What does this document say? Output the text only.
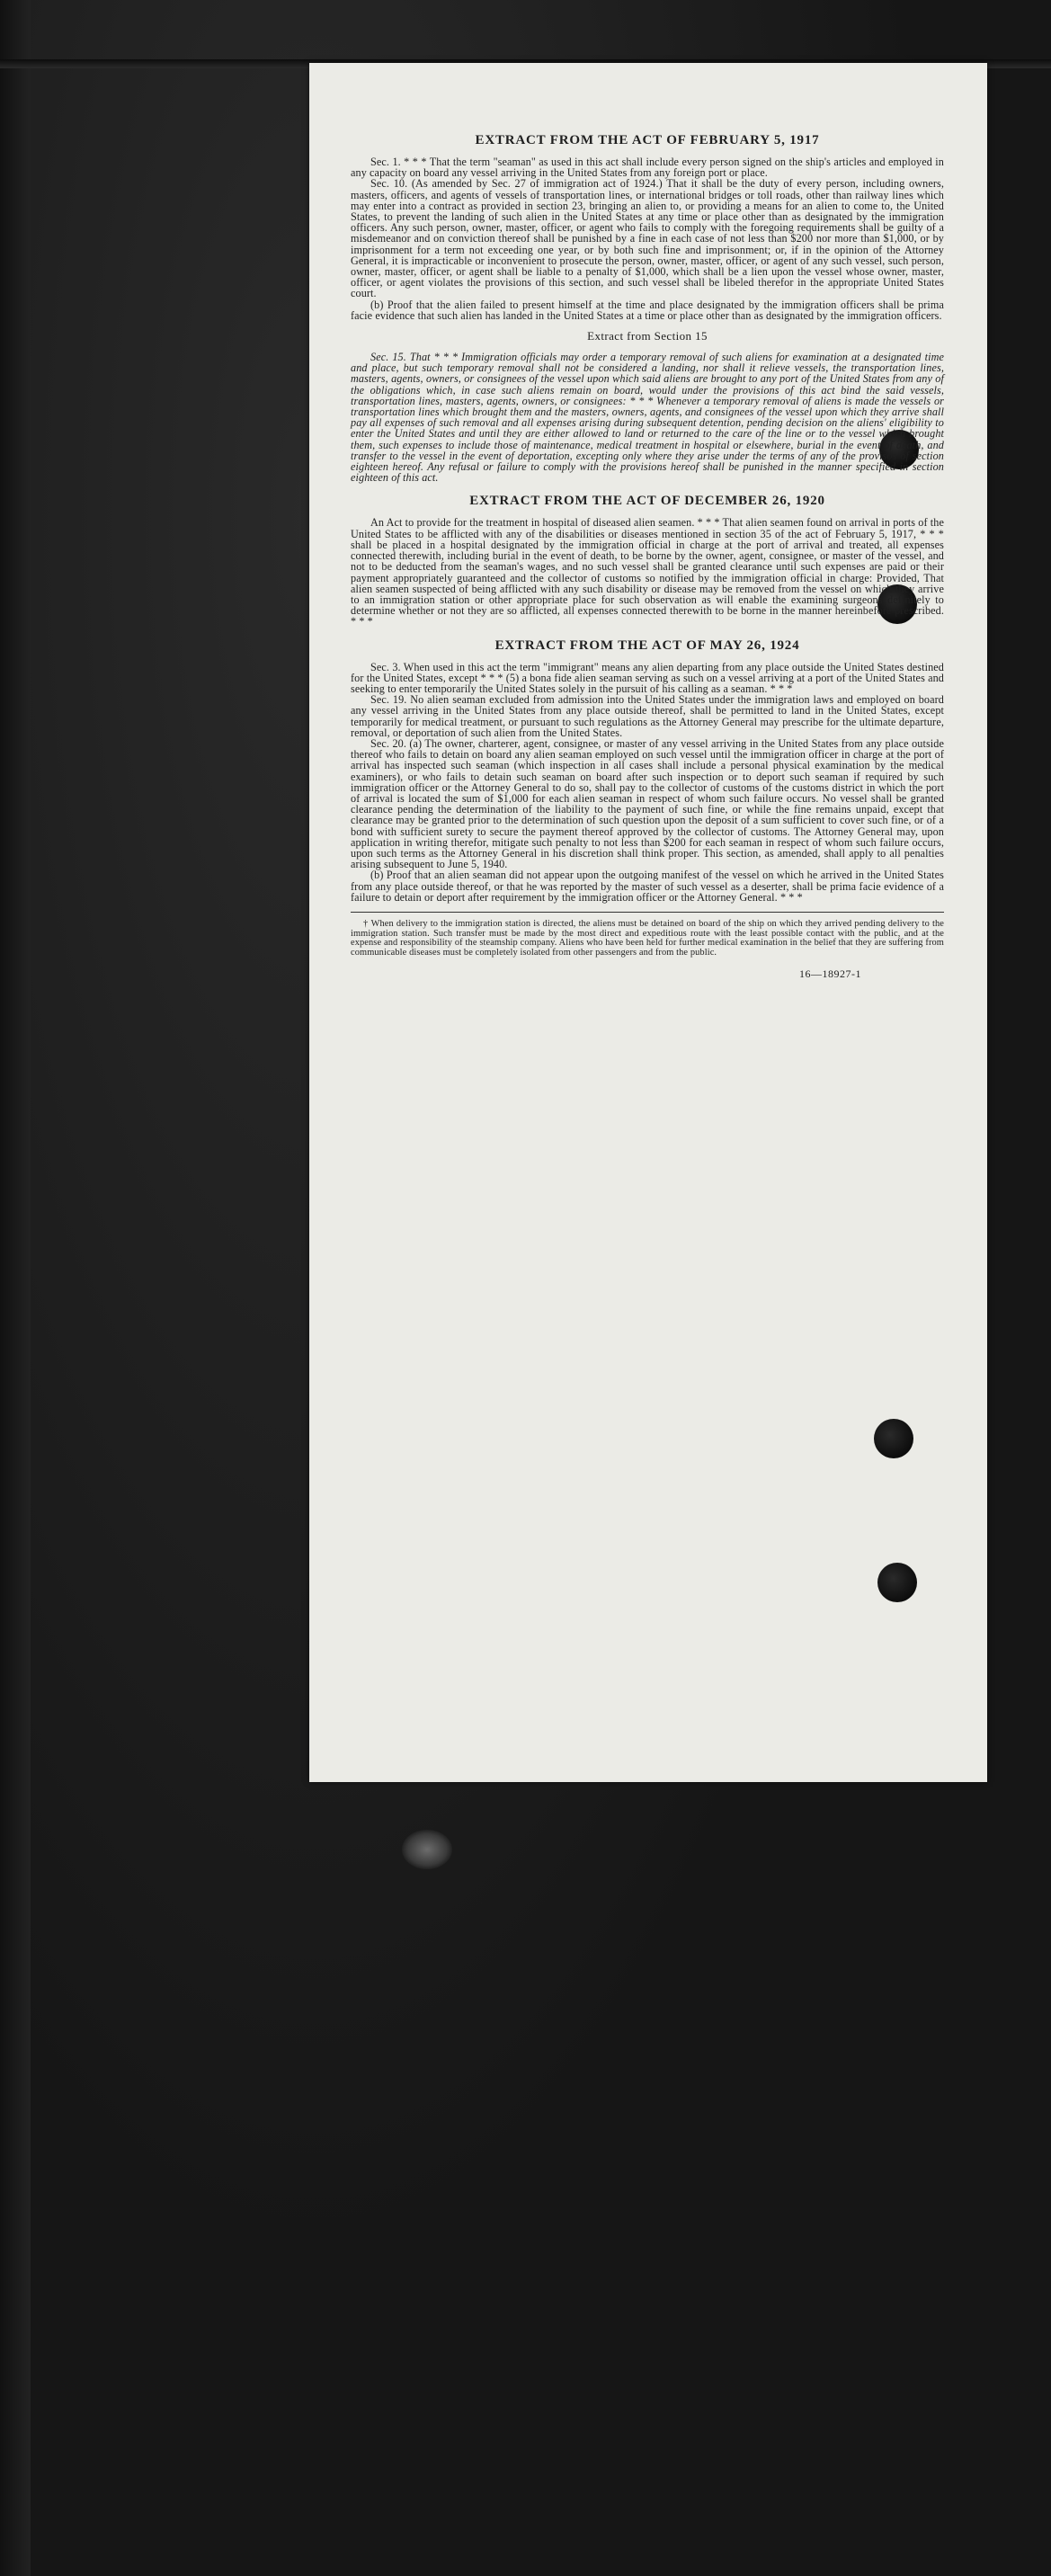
EXTRACT FROM THE ACT OF FEBRUARY 5, 1917

Sec. 1. * * * That the term "seaman" as used in this act shall include every person signed on the ship's articles and employed in any capacity on board any vessel arriving in the United States from any foreign port or place.

Sec. 10. (As amended by Sec. 27 of immigration act of 1924.) That it shall be the duty of every person, including owners, masters, officers, and agents of vessels of transportation lines, or international bridges or toll roads, other than railway lines which may enter into a contract as provided in section 23, bringing an alien to, or providing a means for an alien to come to, the United States, to prevent the landing of such alien in the United States at any time or place other than as designated by the immigration officers. Any such person, owner, master, officer, or agent who fails to comply with the foregoing requirements shall be guilty of a misdemeanor and on conviction thereof shall be punished by a fine in each case of not less than $200 nor more than $1,000, or by imprisonment for a term not exceeding one year, or by both such fine and imprisonment; or, if in the opinion of the Attorney General, it is impracticable or inconvenient to prosecute the person, owner, master, officer, or agent of any such vessel, such person, owner, master, officer, or agent shall be liable to a penalty of $1,000, which shall be a lien upon the vessel whose owner, master, officer, or agent violates the provisions of this section, and such vessel shall be libeled therefor in the appropriate United States court.

(b) Proof that the alien failed to present himself at the time and place designated by the immigration officers shall be prima facie evidence that such alien has landed in the United States at a time or place other than as designated by the immigration officers.

Extract from Section 15

Sec. 15. That * * * Immigration officials may order a temporary removal of such aliens for examination at a designated time and place, but such temporary removal shall not be considered a landing, nor shall it relieve vessels, the transportation lines, masters, agents, owners, or consignees of the vessel upon which said aliens are brought to any port of the United States from any of the obligations which, in case such aliens remain on board, would under the provisions of this act bind the said vessels, transportation lines, masters, agents, owners, or consignees: * * * Whenever a temporary removal of aliens is made the vessels or transportation lines which brought them and the masters, owners, agents, and consignees of the vessel upon which they arrive shall pay all expenses of such removal and all expenses arising during subsequent detention, pending decision on the aliens' eligibility to enter the United States and until they are either allowed to land or returned to the care of the line or to the vessel which brought them, such expenses to include those of maintenance, medical treatment in hospital or elsewhere, burial in the event of death, and transfer to the vessel in the event of deportation, excepting only where they arise under the terms of any of the provisos of section eighteen hereof. Any refusal or failure to comply with the provisions hereof shall be punished in the manner specified in section eighteen of this act.

EXTRACT FROM THE ACT OF DECEMBER 26, 1920

An Act to provide for the treatment in hospital of diseased alien seamen. * * * That alien seamen found on arrival in ports of the United States to be afflicted with any of the disabilities or diseases mentioned in section 35 of the act of February 5, 1917, * * * shall be placed in a hospital designated by the immigration official in charge at the port of arrival and treated, all expenses connected therewith, including burial in the event of death, to be borne by the owner, agent, consignee, or master of the vessel, and not to be deducted from the seaman's wages, and no such vessel shall be granted clearance until such expenses are paid or their payment appropriately guaranteed and the collector of customs so notified by the immigration official in charge: Provided, That alien seamen suspected of being afflicted with any such disability or disease may be removed from the vessel on which they arrive to an immigration station or other appropriate place for such observation as will enable the examining surgeons definitely to determine whether or not they are so afflicted, all expenses connected therewith to be borne in the manner hereinbefore prescribed. * * *

EXTRACT FROM THE ACT OF MAY 26, 1924

Sec. 3. When used in this act the term "immigrant" means any alien departing from any place outside the United States destined for the United States, except * * * (5) a bona fide alien seaman serving as such on a vessel arriving at a port of the United States and seeking to enter temporarily the United States solely in the pursuit of his calling as a seaman. * * *

Sec. 19. No alien seaman excluded from admission into the United States under the immigration laws and employed on board any vessel arriving in the United States from any place outside thereof, shall be permitted to land in the United States, except temporarily for medical treatment, or pursuant to such regulations as the Attorney General may prescribe for the ultimate departure, removal, or deportation of such alien from the United States.

Sec. 20. (a) The owner, charterer, agent, consignee, or master of any vessel arriving in the United States from any place outside thereof who fails to detain on board any alien seaman employed on such vessel until the immigration officer in charge at the port of arrival has inspected such seaman (which inspection in all cases shall include a personal physical examination by the medical examiners), or who fails to detain such seaman on board after such inspection or to deport such seaman if required by such immigration officer or the Attorney General to do so, shall pay to the collector of customs of the customs district in which the port of arrival is located the sum of $1,000 for each alien seaman in respect of whom such failure occurs. No vessel shall be granted clearance pending the determination of the liability to the payment of such fine, or while the fine remains unpaid, except that clearance may be granted prior to the determination of such question upon the deposit of a sum sufficient to cover such fine, or of a bond with sufficient surety to secure the payment thereof approved by the collector of customs. The Attorney General may, upon application in writing therefor, mitigate such penalty to not less than $200 for each seaman in respect of whom such failure occurs, upon such terms as the Attorney General in his discretion shall think proper. This section, as amended, shall apply to all penalties arising subsequent to June 5, 1940.

(b) Proof that an alien seaman did not appear upon the outgoing manifest of the vessel on which he arrived in the United States from any place outside thereof, or that he was reported by the master of such vessel as a deserter, shall be prima facie evidence of a failure to detain or deport after requirement by the immigration officer or the Attorney General. * * *

† When delivery to the immigration station is directed, the aliens must be detained on board of the ship on which they arrived pending delivery to the immigration station. Such transfer must be made by the most direct and expeditious route with the least possible contact with the public, and at the expense and responsibility of the steamship company. Aliens who have been held for further medical examination in the belief that they are suffering from communicable diseases must be completely isolated from other passengers and from the public.
16—18927-1
